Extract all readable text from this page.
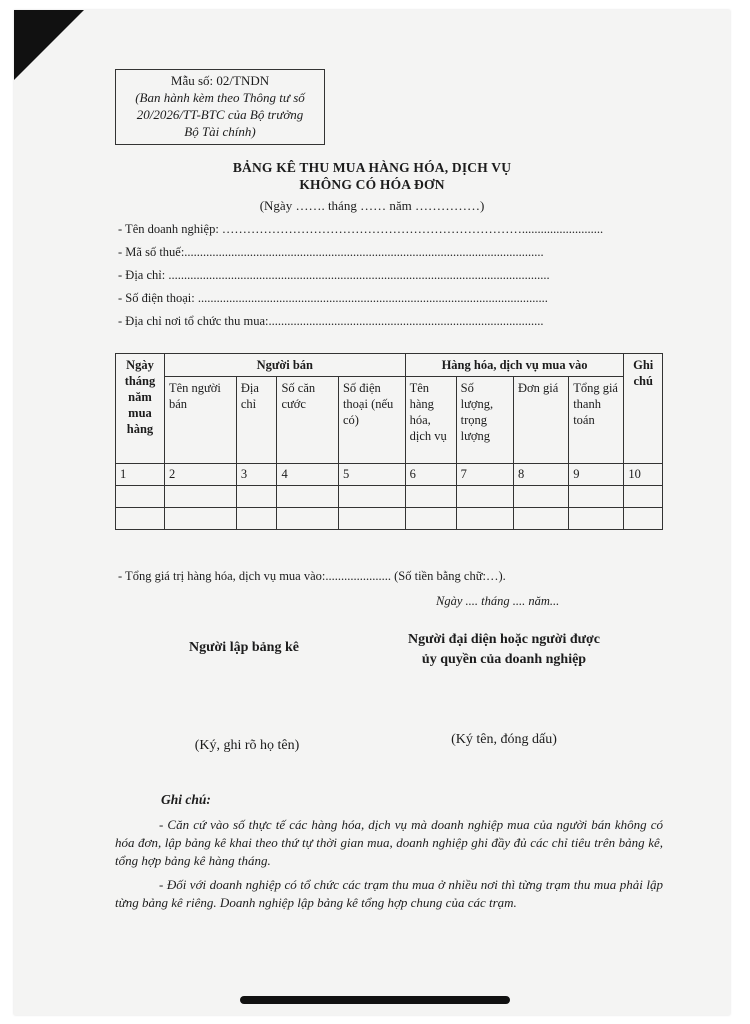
Mẫu số: 02/TNDN
(Ban hành kèm theo Thông tư số
20/2026/TT-BTC của Bộ trưởng
Bộ Tài chính)
BẢNG KÊ THU MUA HÀNG HÓA, DỊCH VỤ
KHÔNG CÓ HÓA ĐƠN
(Ngày ……. tháng …… năm ……………)
- Tên doanh nghiệp: ………………………………………………………………..........................
- Mã số thuế:...................................................................................................................
- Địa chỉ: ..........................................................................................................................
- Số điện thoại: ................................................................................................................
- Địa chỉ nơi tổ chức thu mua:........................................................................................
Ngày tháng năm mua hàng	Người bán				Hàng hóa, dịch vụ mua vào				Ghi chú
	Tên người bán	Địa chỉ	Số căn cước	Số điện thoại (nếu có)	Tên hàng hóa, dịch vụ	Số lượng, trọng lượng	Đơn giá	Tổng giá thanh toán	
1	2	3	4	5	6	7	8	9	10

- Tổng giá trị hàng hóa, dịch vụ mua vào:..................... (Số tiền bằng chữ:…).
Ngày .... tháng .... năm...
Người lập bảng kê
Người đại diện hoặc người được
ủy quyền của doanh nghiệp
(Ký, ghi rõ họ tên)	(Ký tên, đóng dấu)
Ghi chú:
- Căn cứ vào số thực tế các hàng hóa, dịch vụ mà doanh nghiệp mua của người bán không có hóa đơn, lập bảng kê khai theo thứ tự thời gian mua, doanh nghiệp ghi đầy đủ các chỉ tiêu trên bảng kê, tổng hợp bảng kê hàng tháng.
- Đối với doanh nghiệp có tổ chức các trạm thu mua ở nhiều nơi thì từng trạm thu mua phải lập từng bảng kê riêng. Doanh nghiệp lập bảng kê tổng hợp chung của các trạm.
